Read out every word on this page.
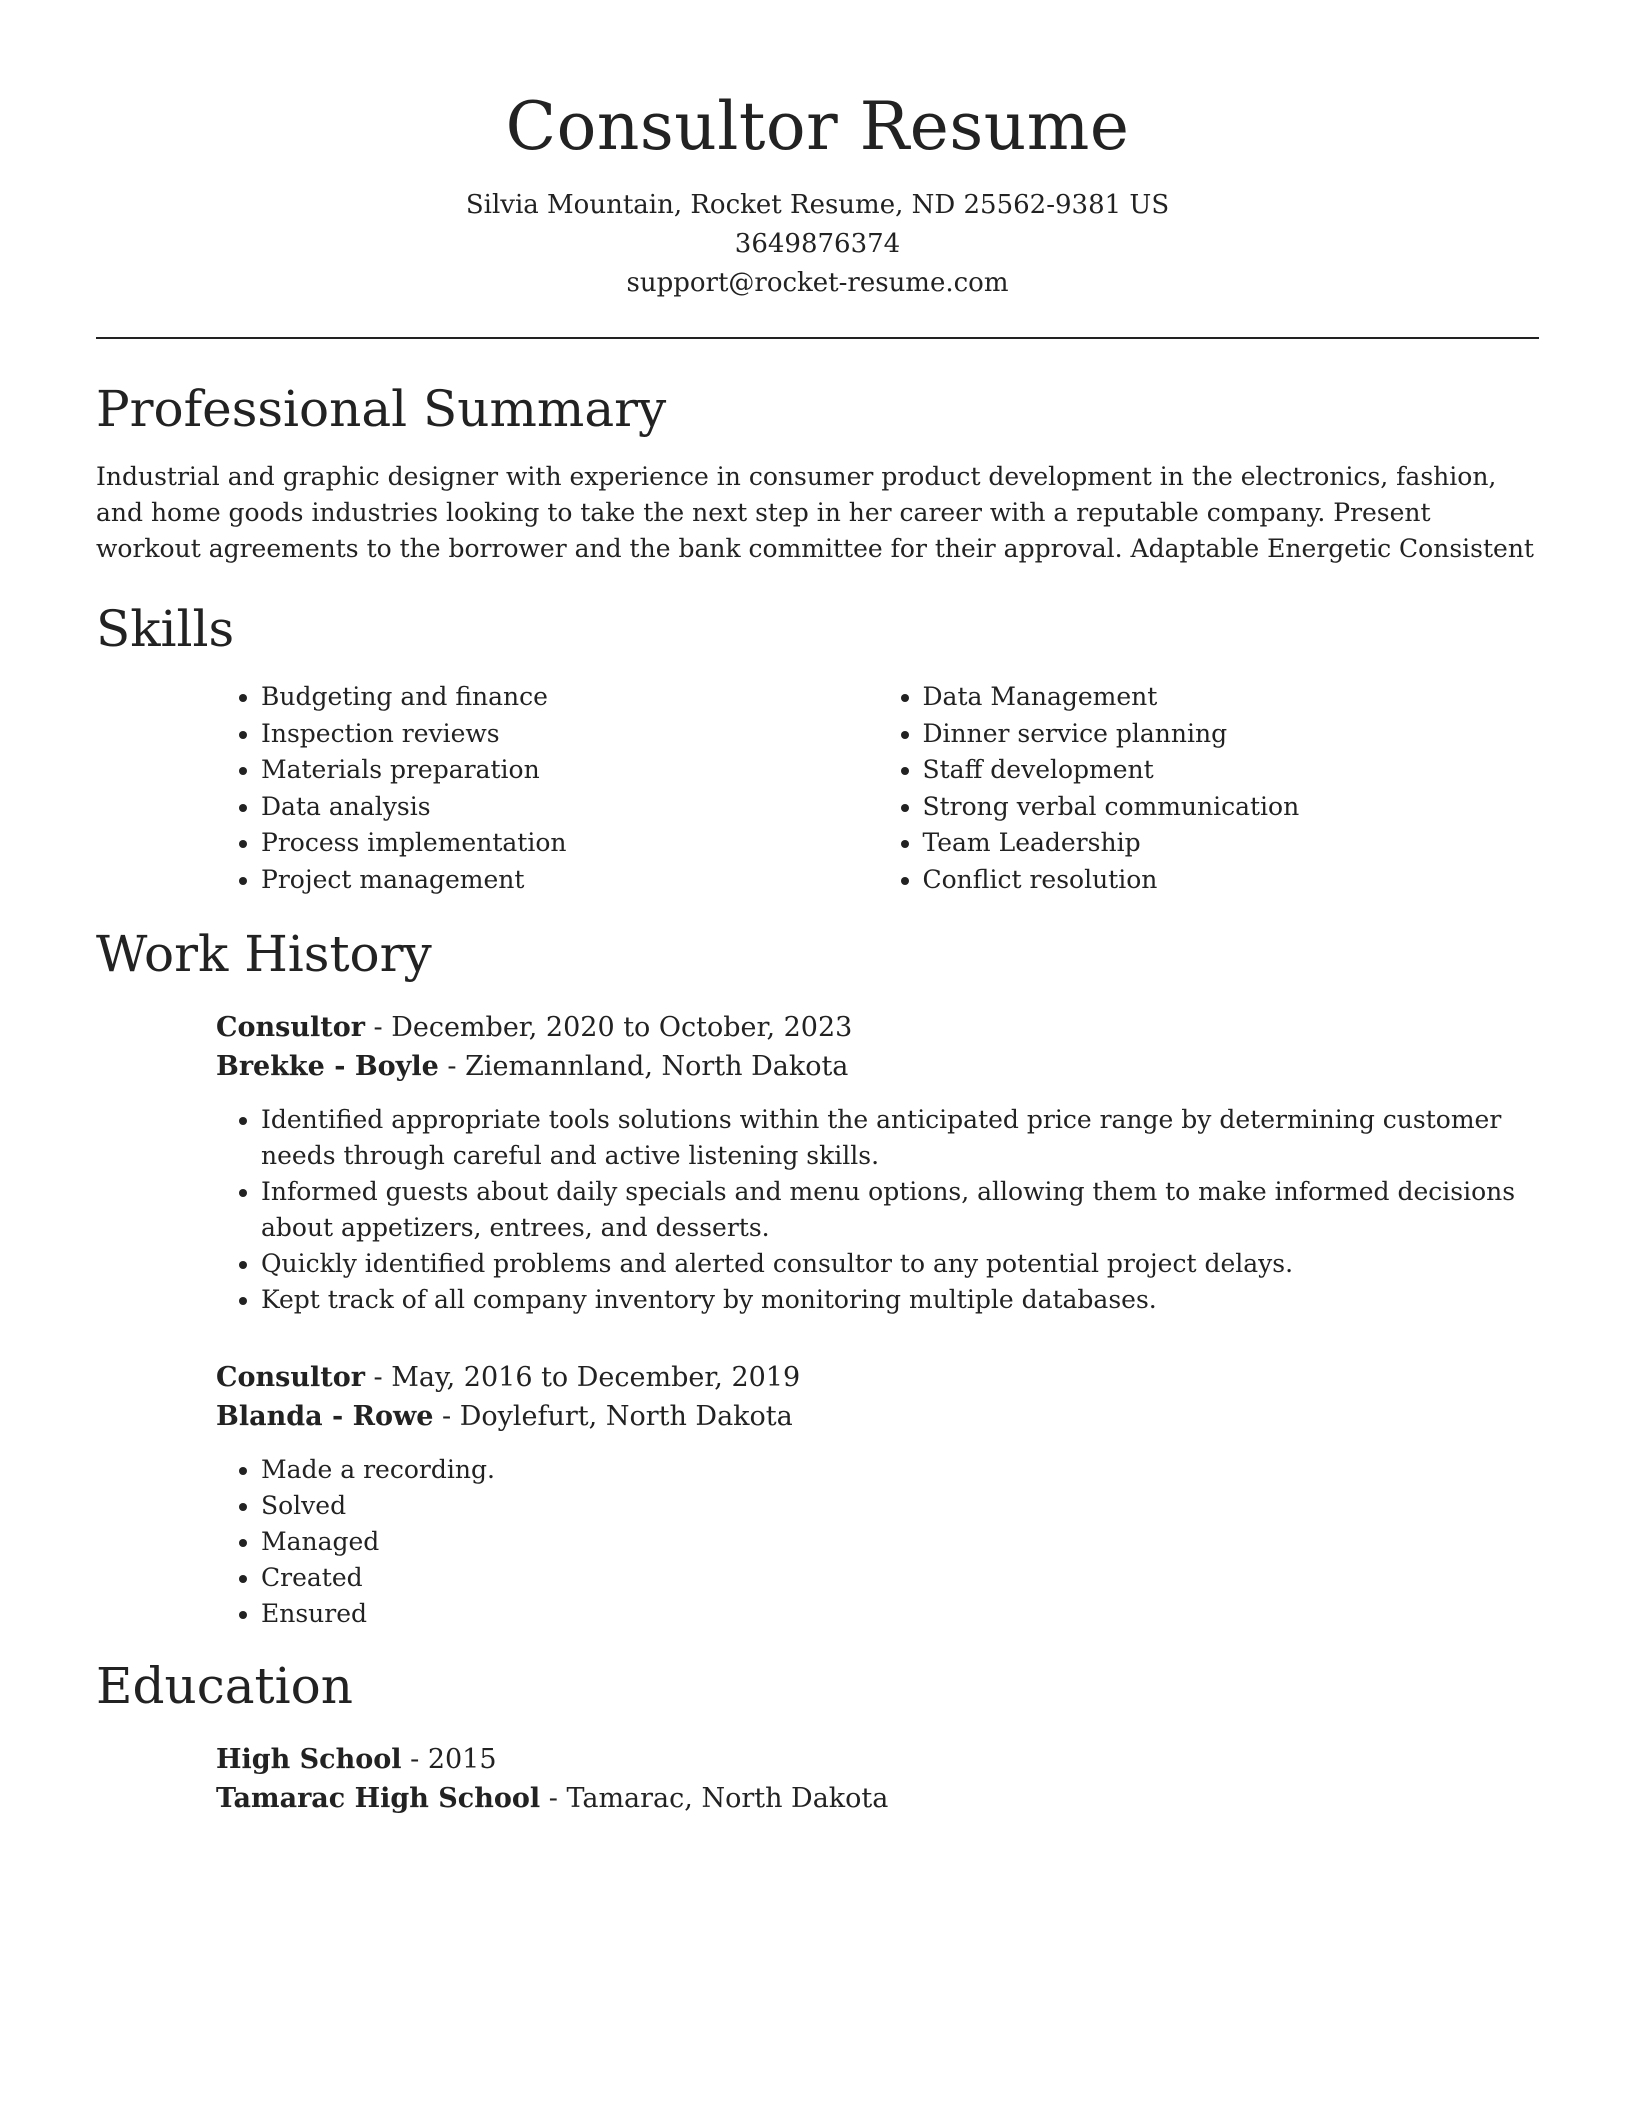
Consultor Resume
Silvia Mountain, Rocket Resume, ND 25562-9381 US
3649876374
support@rocket-resume.com
Professional Summary

Industrial and graphic designer with experience in consumer product development in the electronics, fashion, and home goods industries looking to take the next step in her career with a reputable company. Present workout agreements to the borrower and the bank committee for their approval. Adaptable Energetic Consistent

Skills
• Budgeting and finance
• Inspection reviews
• Materials preparation
• Data analysis
• Process implementation
• Project management
• Data Management
• Dinner service planning
• Staff development
• Strong verbal communication
• Team Leadership
• Conflict resolution
Work History
Consultor - December, 2020 to October, 2023
Brekke - Boyle - Ziemannland, North Dakota
• Identified appropriate tools solutions within the anticipated price range by determining customer needs through careful and active listening skills.
• Informed guests about daily specials and menu options, allowing them to make informed decisions about appetizers, entrees, and desserts.
• Quickly identified problems and alerted consultor to any potential project delays.
• Kept track of all company inventory by monitoring multiple databases.
Consultor - May, 2016 to December, 2019
Blanda - Rowe - Doylefurt, North Dakota
• Made a recording.
• Solved
• Managed
• Created
• Ensured
Education
High School - 2015
Tamarac High School - Tamarac, North Dakota
